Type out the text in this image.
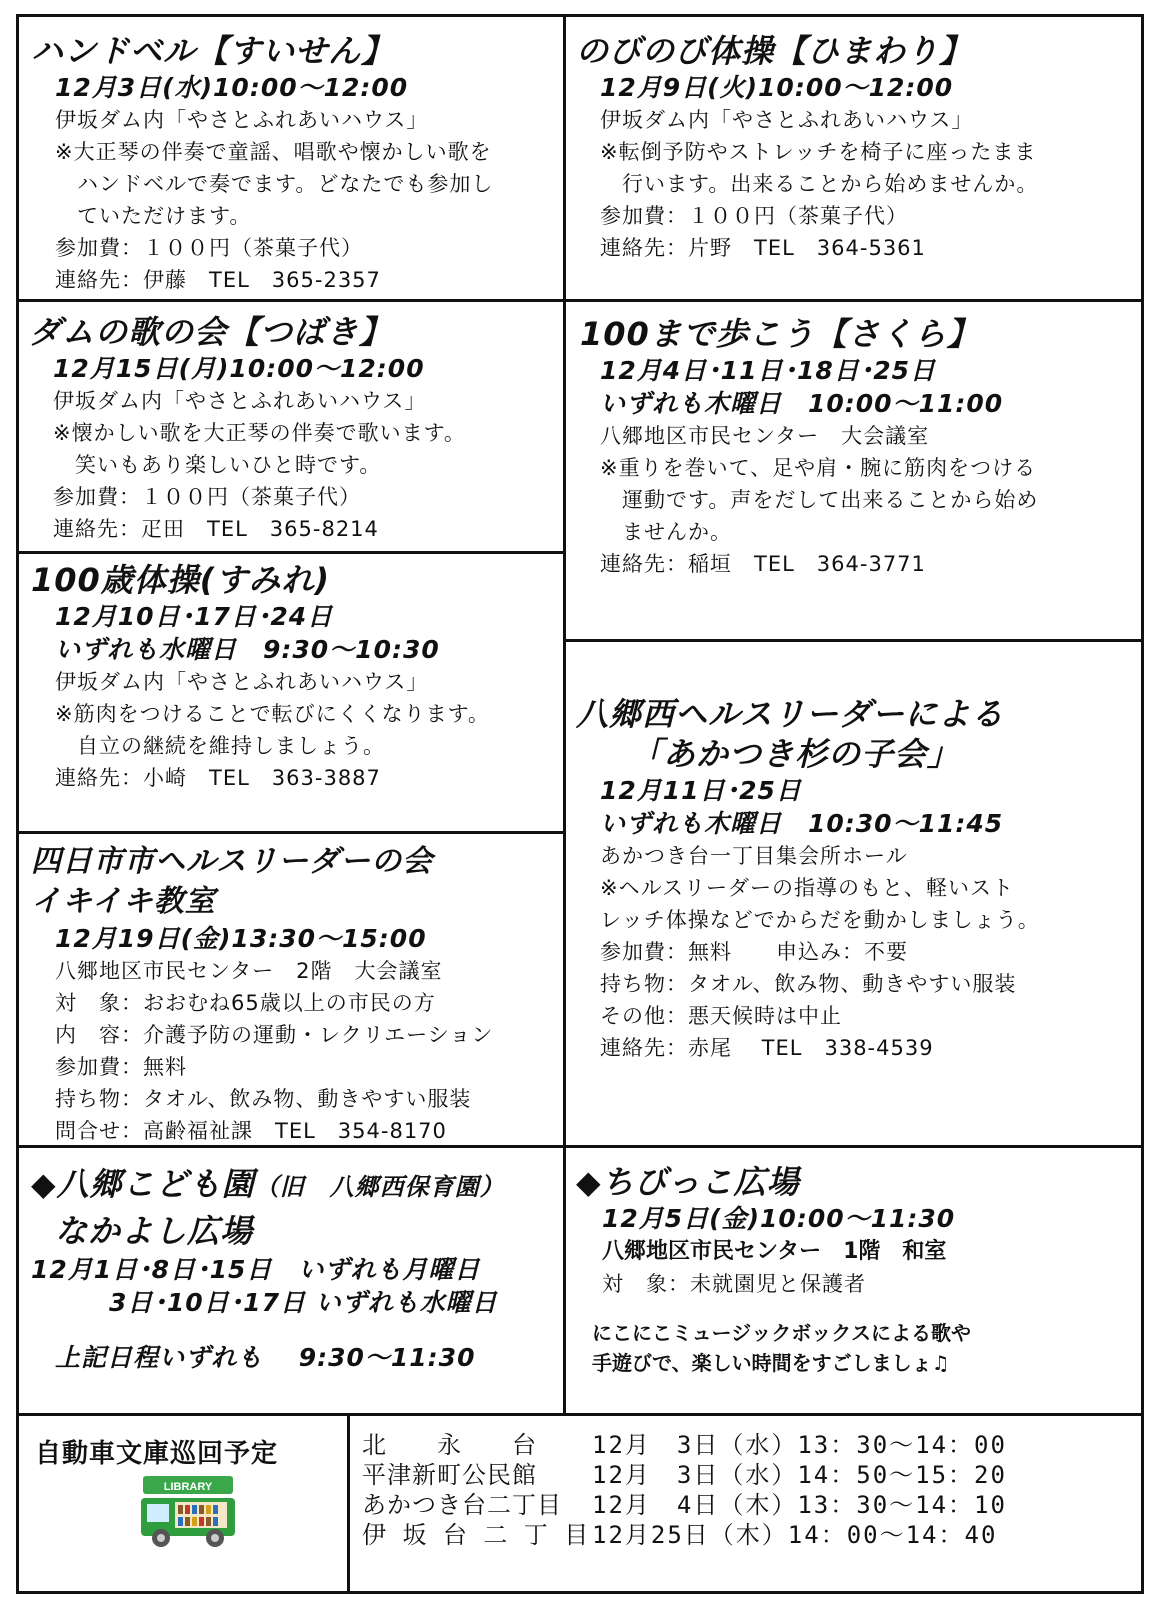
ハンドベル【すいせん】
12月3日(水)10:00～12:00
伊坂ダム内「やさとふれあいハウス」
※大正琴の伴奏で童謡、唱歌や懐かしい歌を
ハンドベルで奏でます。どなたでも参加し
ていただけます。
参加費：１００円（茶菓子代）
連絡先：伊藤　TEL　365-2357
のびのび体操【ひまわり】
12月9日(火)10:00～12:00
伊坂ダム内「やさとふれあいハウス」
※転倒予防やストレッチを椅子に座ったまま
行います。出来ることから始めませんか。
参加費：１００円（茶菓子代）
連絡先：片野　TEL　364-5361
ダムの歌の会【つばき】
12月15日(月)10:00～12:00
伊坂ダム内「やさとふれあいハウス」
※懐かしい歌を大正琴の伴奏で歌います。
笑いもあり楽しいひと時です。
参加費：１００円（茶菓子代）
連絡先：疋田　TEL　365-8214
100まで歩こう【さくら】
12月4日･11日･18日･25日
いずれも木曜日　10:00～11:00
八郷地区市民センター　大会議室
※重りを巻いて、足や肩・腕に筋肉をつける
運動です。声をだして出来ることから始め
ませんか。
連絡先：稲垣　TEL　364-3771
100歳体操(すみれ)
12月10日･17日･24日
いずれも水曜日　9:30～10:30
伊坂ダム内「やさとふれあいハウス」
※筋肉をつけることで転びにくくなります。
自立の継続を維持しましょう。
連絡先：小崎　TEL　363-3887
八郷西ヘルスリーダーによる
「あかつき杉の子会」
12月11日･25日
いずれも木曜日　10:30～11:45
あかつき台一丁目集会所ホール
※ヘルスリーダーの指導のもと、軽いスト
レッチ体操などでからだを動かしましょう。
参加費：無料　　申込み：不要
持ち物：タオル、飲み物、動きやすい服装
その他：悪天候時は中止
連絡先：赤尾　 TEL　338-4539
四日市市ヘルスリーダーの会
イキイキ教室
12月19日(金)13:30～15:00
八郷地区市民センター　2階　大会議室
対　象：おおむね65歳以上の市民の方
内　容：介護予防の運動・レクリエーション
参加費：無料
持ち物：タオル、飲み物、動きやすい服装
問合せ：高齢福祉課　TEL　354-8170
◆八郷こども園（旧　八郷西保育園）
なかよし広場
12月1日･8日･15日　いずれも月曜日
3日･10日･17日 いずれも水曜日
上記日程いずれも　 9:30～11:30
◆ちびっこ広場
12月5日(金)10:00～11:30
八郷地区市民センター　1階　和室
対　象：未就園児と保護者
にこにこミュージックボックスによる歌や
手遊びで、楽しい時間をすごしましょ♫
自動車文庫巡回予定
LIBRARY
北　　永　　台	12月　3日（水）13：30～14：00
平津新町公民館	12月　3日（水）14：50～15：20
あかつき台二丁目	12月　4日（木）13：30～14：10
伊 坂 台 二 丁 目 12月25日（木）14：00～14：40
